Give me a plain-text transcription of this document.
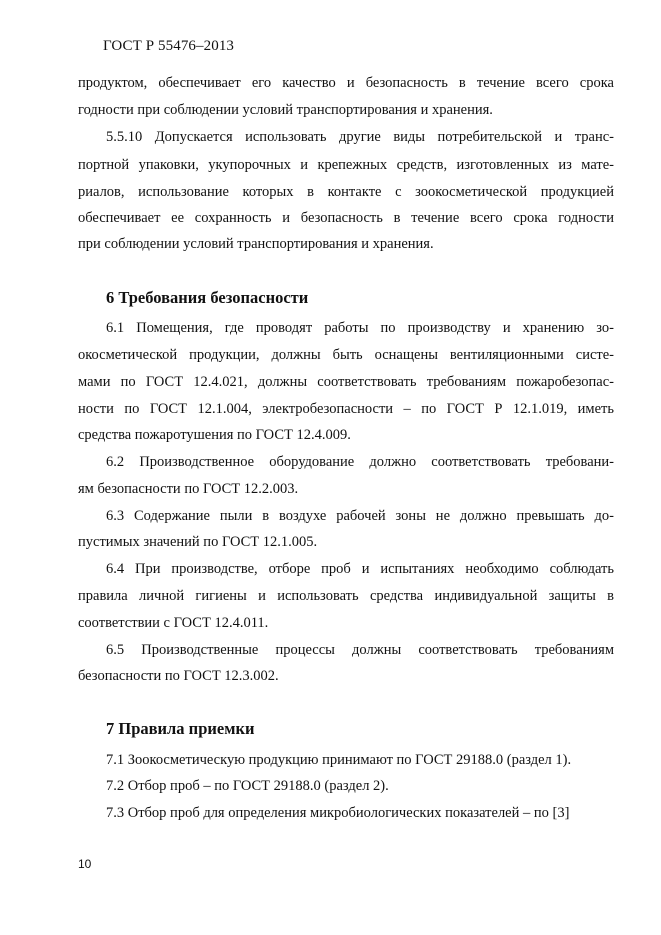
ГОСТ Р 55476–2013
продуктом, обеспечивает его качество и безопасность в течение всего срока
годности при соблюдении условий транспортирования и хранения.
5.5.10 Допускается использовать другие виды потребительской и транс-
портной упаковки, укупорочных и крепежных средств, изготовленных из мате-
риалов, использование которых в контакте с зоокосметической продукцией
обеспечивает ее сохранность и безопасность в течение всего срока годности
при соблюдении условий транспортирования и хранения.
6 Требования безопасности
6.1 Помещения, где проводят работы по производству и хранению зо-
окосметической продукции, должны быть оснащены вентиляционными систе-
мами по ГОСТ 12.4.021, должны соответствовать требованиям пожаробезопас-
ности по ГОСТ 12.1.004, электробезопасности – по ГОСТ Р 12.1.019, иметь
средства пожаротушения по ГОСТ 12.4.009.
6.2 Производственное оборудование должно соответствовать требовани-
ям безопасности по ГОСТ 12.2.003.
6.3 Содержание пыли в воздухе рабочей зоны не должно превышать до-
пустимых значений по ГОСТ 12.1.005.
6.4 При производстве, отборе проб и испытаниях необходимо соблюдать
правила личной гигиены и использовать средства индивидуальной защиты в
соответствии с ГОСТ 12.4.011.
6.5 Производственные процессы должны соответствовать требованиям
безопасности по ГОСТ 12.3.002.
7 Правила приемки
7.1 Зоокосметическую продукцию принимают по ГОСТ 29188.0 (раздел 1).
7.2 Отбор проб – по ГОСТ 29188.0 (раздел 2).
7.3 Отбор проб для определения микробиологических показателей – по [3]
10
